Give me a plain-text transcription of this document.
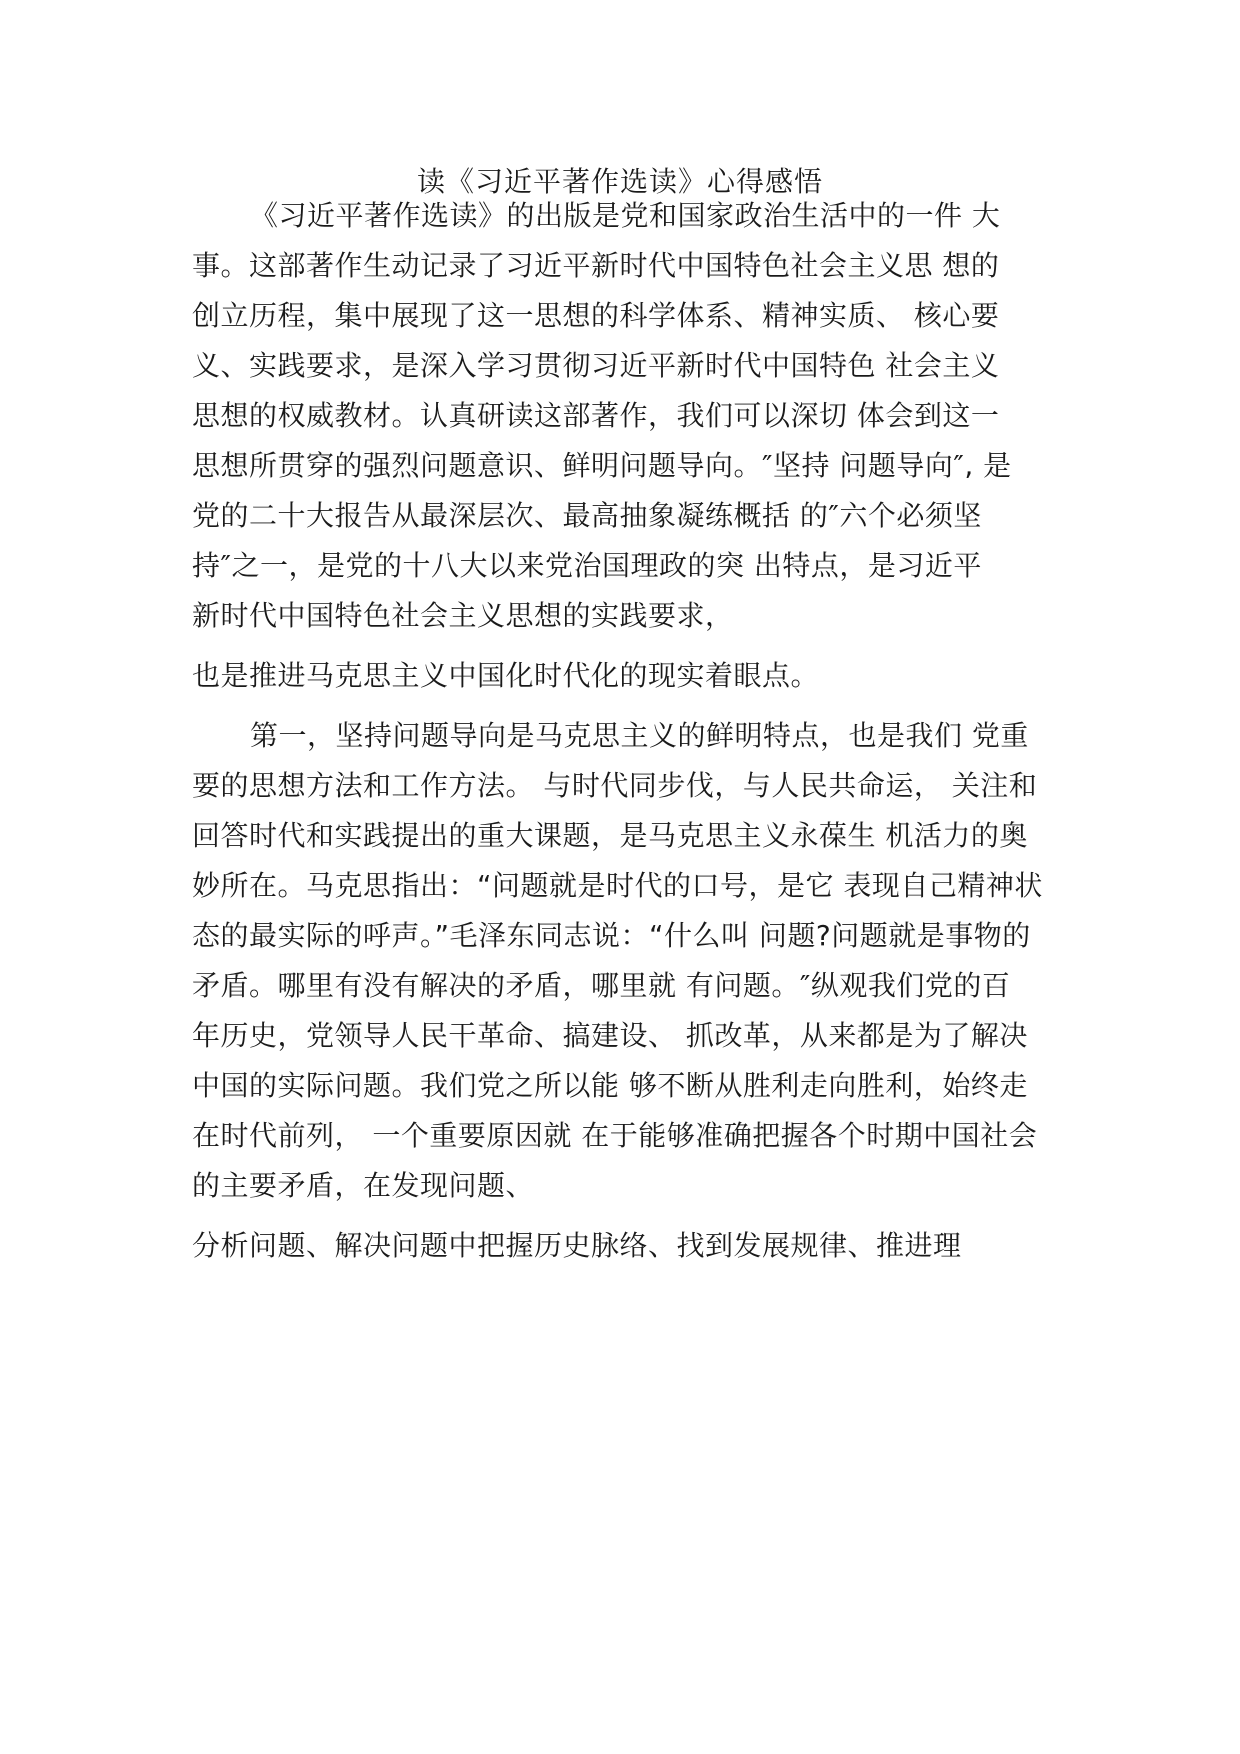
读《习近平著作选读》心得感悟
《习近平著作选读》的出版是党和国家政治生活中的一件 大
事。这部著作生动记录了习近平新时代中国特色社会主义思 想的
创立历程，集中展现了这一思想的科学体系、精神实质、 核心要
义、实践要求，是深入学习贯彻习近平新时代中国特色 社会主义
思想的权威教材。认真研读这部著作，我们可以深切 体会到这一
思想所贯穿的强烈问题意识、鲜明问题导向。″坚持 问题导向″, 是
党的二十大报告从最深层次、最高抽象凝练概括 的″六个必须坚
持″之一，是党的十八大以来党治国理政的突 出特点，是习近平
新时代中国特色社会主义思想的实践要求，
也是推进马克思主义中国化时代化的现实着眼点。
第一，坚持问题导向是马克思主义的鲜明特点，也是我们 党重
要的思想方法和工作方法。 与时代同步伐，与人民共命运， 关注和
回答时代和实践提出的重大课题，是马克思主义永葆生 机活力的奥
妙所在。马克思指出：“问题就是时代的口号，是它 表现自己精神状
态的最实际的呼声。”毛泽东同志说：“什么叫 问题?问题就是事物的
矛盾。哪里有没有解决的矛盾，哪里就 有问题。″纵观我们党的百
年历史，党领导人民干革命、搞建设、 抓改革，从来都是为了解决
中国的实际问题。我们党之所以能 够不断从胜利走向胜利，始终走
在时代前列， 一个重要原因就 在于能够准确把握各个时期中国社会
的主要矛盾，在发现问题、
分析问题、解决问题中把握历史脉络、找到发展规律、推进理
